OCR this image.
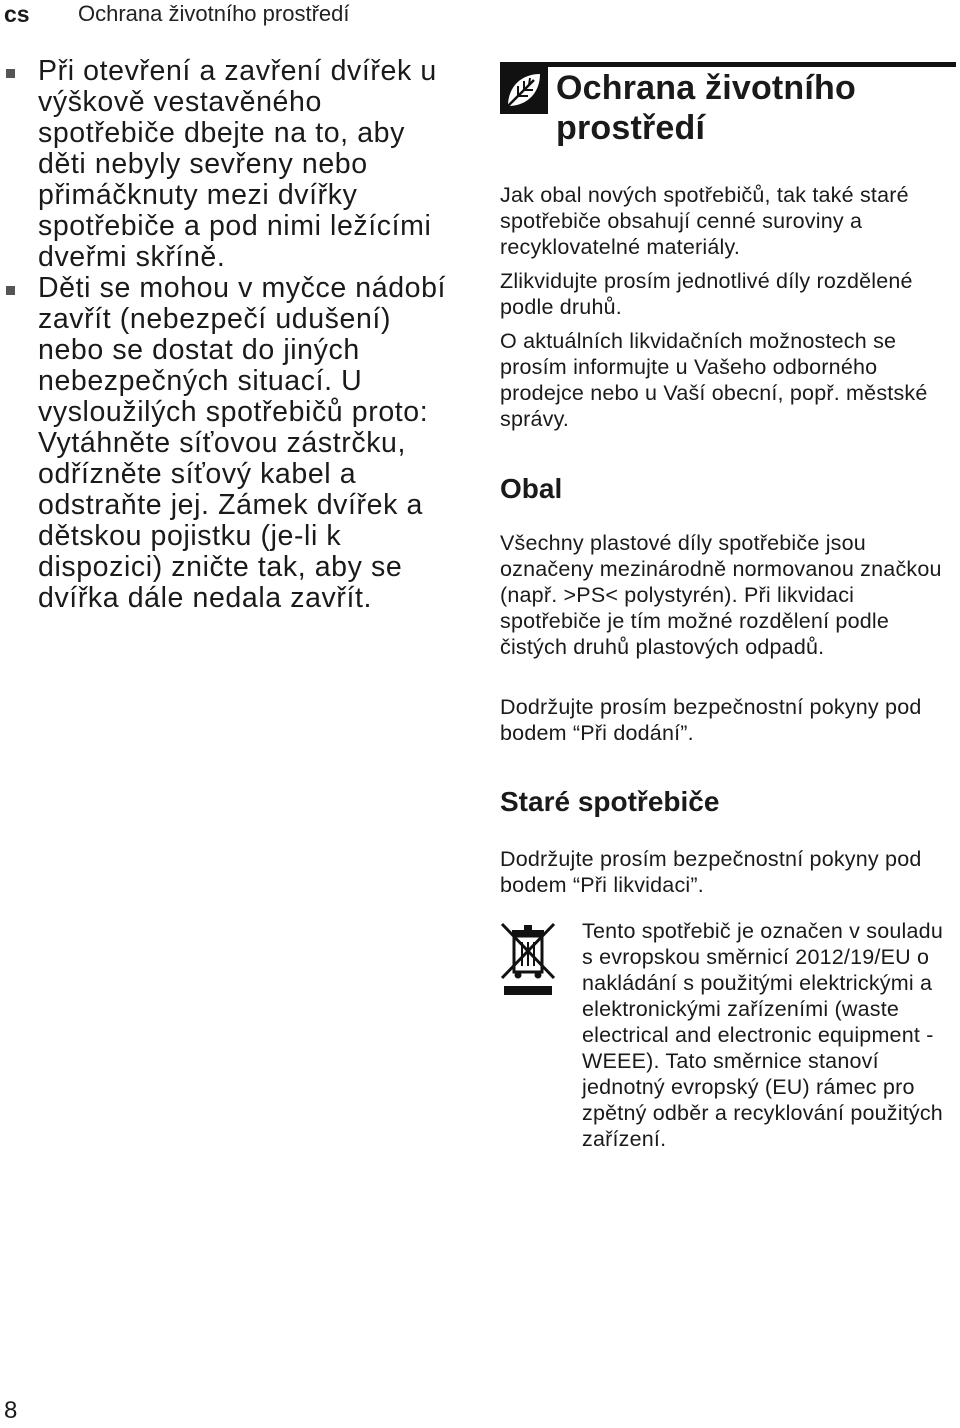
cs Ochrana životního prostředí

Při otevření a zavření dvířek u výškově vestavěného spotřebiče dbejte na to, aby děti nebyly sevřeny nebo přimáčknuty mezi dvířky spotřebiče a pod nimi ležícími dveřmi skříně.

Děti se mohou v myčce nádobí zavřít (nebezpečí udušení) nebo se dostat do jiných nebezpečných situací. U vysloužilých spotřebičů proto: Vytáhněte síťovou zástrčku, odřízněte síťový kabel a odstraňte jej. Zámek dvířek a dětskou pojistku (je-li k dispozici) zničte tak, aby se dvířka dále nedala zavřít.

Ochrana životního
prostředí

Jak obal nových spotřebičů, tak také staré spotřebiče obsahují cenné suroviny a recyklovatelné materiály.

Zlikvidujte prosím jednotlivé díly rozdělené podle druhů.

O aktuálních likvidačních možnostech se prosím informujte u Vašeho odborného prodejce nebo u Vaší obecní, popř. městské správy.

Obal

Všechny plastové díly spotřebiče jsou označeny mezinárodně normovanou značkou (např. >PS< polystyrén). Při likvidaci spotřebiče je tím možné rozdělení podle čistých druhů plastových odpadů.

Dodržujte prosím bezpečnostní pokyny pod bodem “Při dodání”.

Staré spotřebiče

Dodržujte prosím bezpečnostní pokyny pod bodem “Při likvidaci”.

Tento spotřebič je označen v souladu s evropskou směrnicí 2012/19/EU o nakládání s použitými elektrickými a elektronickými zařízeními (waste electrical and electronic equipment - WEEE). Tato směrnice stanoví jednotný evropský (EU) rámec pro zpětný odběr a recyklování použitých zařízení.

8
